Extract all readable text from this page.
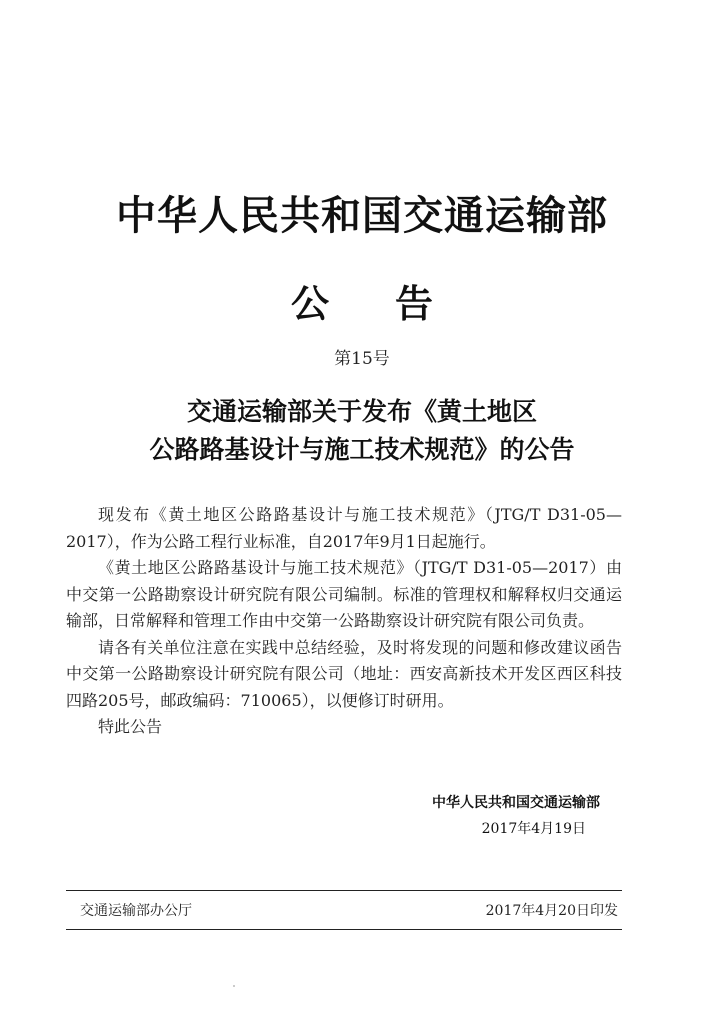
中华人民共和国交通运输部
公告
第15号
交通运输部关于发布《黄土地区
公路路基设计与施工技术规范》的公告

现发布《黄土地区公路路基设计与施工技术规范》（JTG/T D31-05—2017），作为公路工程行业标准，自2017年9月1日起施行。

《黄土地区公路路基设计与施工技术规范》（JTG/T D31-05—2017）由中交第一公路勘察设计研究院有限公司编制。标准的管理权和解释权归交通运输部，日常解释和管理工作由中交第一公路勘察设计研究院有限公司负责。

请各有关单位注意在实践中总结经验，及时将发现的问题和修改建议函告中交第一公路勘察设计研究院有限公司（地址：西安高新技术开发区西区科技四路205号，邮政编码：710065），以便修订时研用。

特此公告

中华人民共和国交通运输部
2017年4月19日
交通运输部办公厅	2017年4月20日印发
